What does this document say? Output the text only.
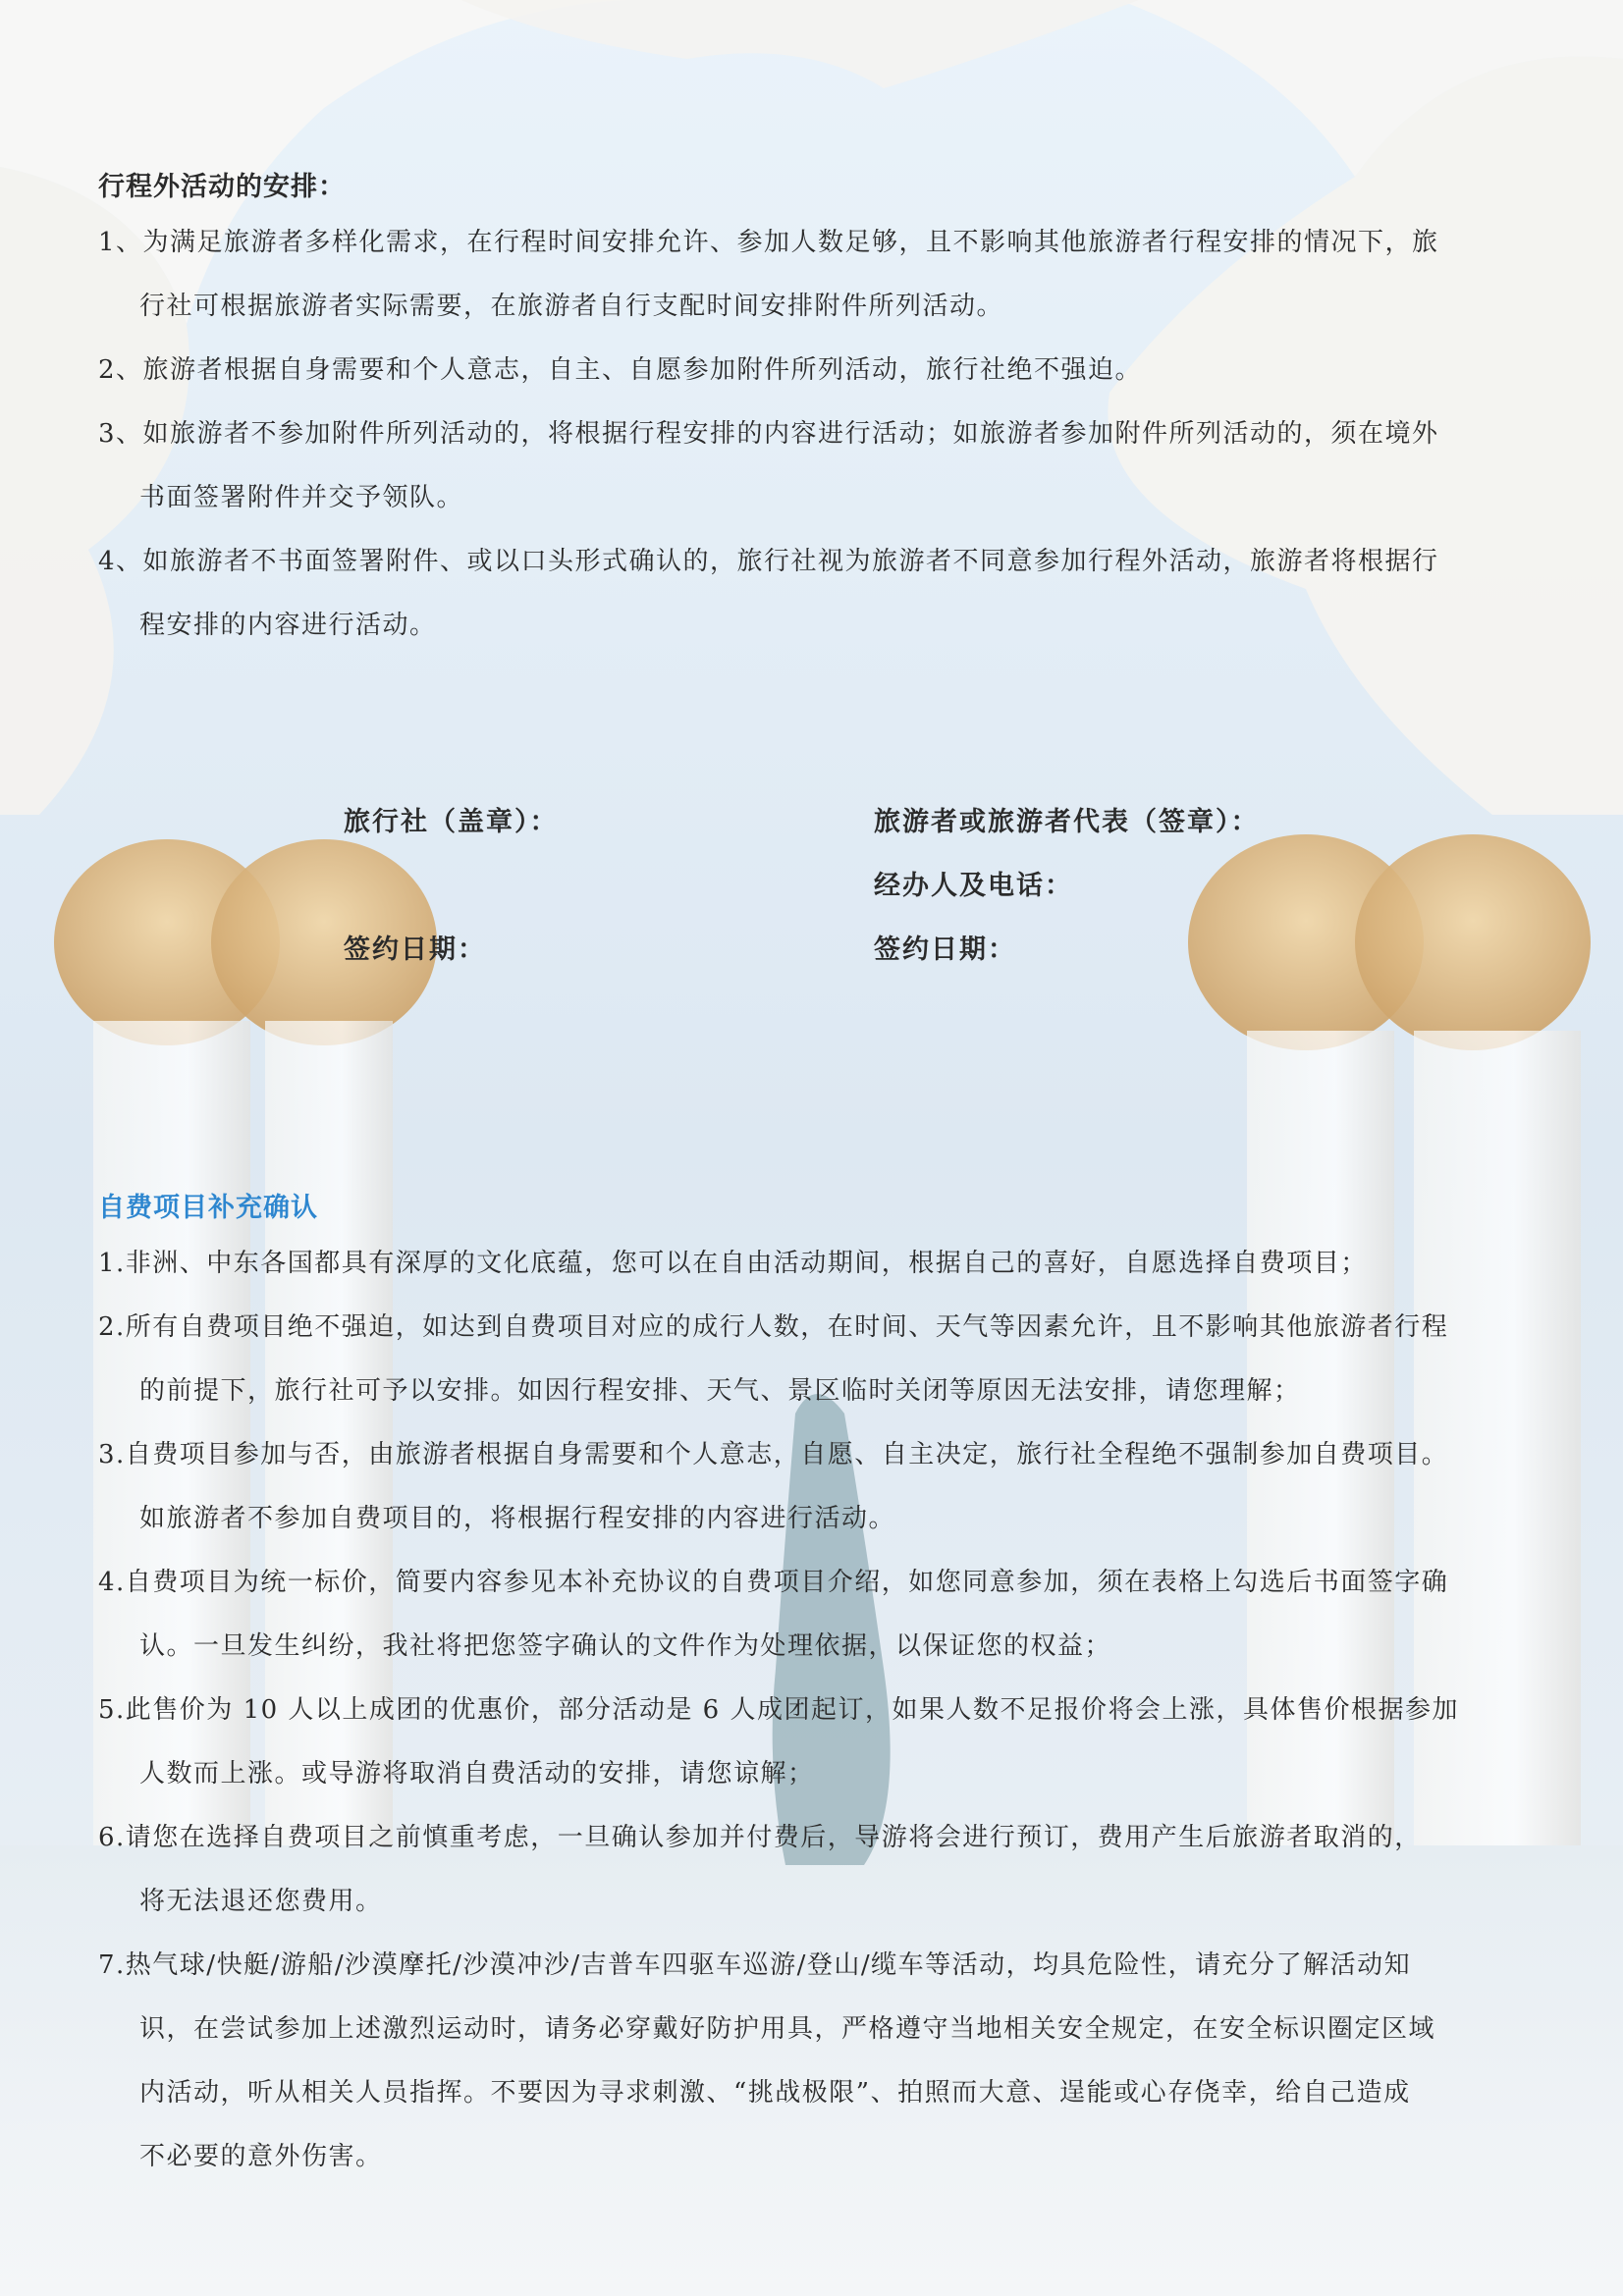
行程外活动的安排：

1、为满足旅游者多样化需求，在行程时间安排允许、参加人数足够，且不影响其他旅游者行程安排的情况下，旅
行社可根据旅游者实际需要，在旅游者自行支配时间安排附件所列活动。

2、旅游者根据自身需要和个人意志，自主、自愿参加附件所列活动，旅行社绝不强迫。

3、如旅游者不参加附件所列活动的，将根据行程安排的内容进行活动；如旅游者参加附件所列活动的，须在境外
书面签署附件并交予领队。

4、如旅游者不书面签署附件、或以口头形式确认的，旅行社视为旅游者不同意参加行程外活动，旅游者将根据行
程安排的内容进行活动。

旅行社（盖章）：	旅游者或旅游者代表（签章）：
经办人及电话：
签约日期：	签约日期：
自费项目补充确认

1.非洲、中东各国都具有深厚的文化底蕴，您可以在自由活动期间，根据自己的喜好，自愿选择自费项目；

2.所有自费项目绝不强迫，如达到自费项目对应的成行人数，在时间、天气等因素允许，且不影响其他旅游者行程
的前提下，旅行社可予以安排。如因行程安排、天气、景区临时关闭等原因无法安排，请您理解；

3.自费项目参加与否，由旅游者根据自身需要和个人意志，自愿、自主决定，旅行社全程绝不强制参加自费项目。
如旅游者不参加自费项目的，将根据行程安排的内容进行活动。

4.自费项目为统一标价，简要内容参见本补充协议的自费项目介绍，如您同意参加，须在表格上勾选后书面签字确
认。一旦发生纠纷，我社将把您签字确认的文件作为处理依据，以保证您的权益；

5.此售价为 10 人以上成团的优惠价，部分活动是 6 人成团起订，如果人数不足报价将会上涨，具体售价根据参加
人数而上涨。或导游将取消自费活动的安排，请您谅解；

6.请您在选择自费项目之前慎重考虑，一旦确认参加并付费后，导游将会进行预订，费用产生后旅游者取消的，
将无法退还您费用。

7.热气球/快艇/游船/沙漠摩托/沙漠冲沙/吉普车四驱车巡游/登山/缆车等活动，均具危险性，请充分了解活动知
识，在尝试参加上述激烈运动时，请务必穿戴好防护用具，严格遵守当地相关安全规定，在安全标识圈定区域
内活动，听从相关人员指挥。不要因为寻求刺激、“挑战极限”、拍照而大意、逞能或心存侥幸，给自己造成
不必要的意外伤害。
